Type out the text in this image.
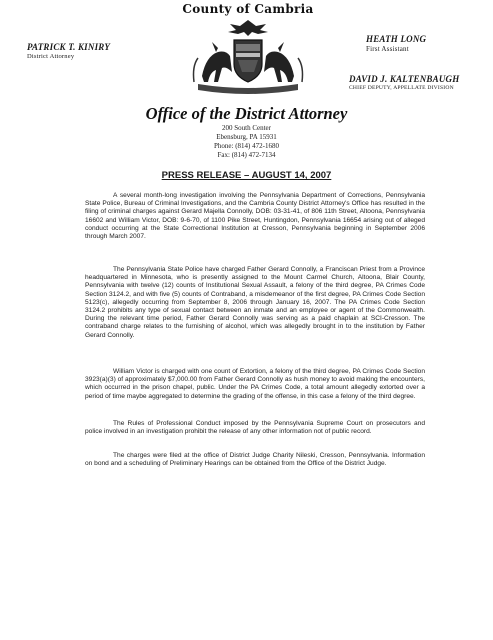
County of Cambria
PATRICK T. KINIRY
District Attorney
HEATH LONG
First Assistant
DAVID J. KALTENBAUGH
CHIEF DEPUTY, APPELLATE DIVISION
Office of the District Attorney
200 South Center
Ebensburg, PA 15931
Phone: (814) 472-1680
Fax: (814) 472-7134
PRESS RELEASE – AUGUST 14, 2007
A several month-long investigation involving the Pennsylvania Department of Corrections, Pennsylvania State Police, Bureau of Criminal Investigations, and the Cambria County District Attorney's Office has resulted in the filing of criminal charges against Gerard Majella Connolly, DOB: 03-31-41, of 806 11th Street, Altoona, Pennsylvania 16602 and William Victor, DOB: 9-6-70, of 1100 Pike Street, Huntingdon, Pennsylvania 16654 arising out of alleged conduct occurring at the State Correctional Institution at Cresson, Pennsylvania beginning in September 2006 through March 2007.
The Pennsylvania State Police have charged Father Gerard Connolly, a Franciscan Priest from a Province headquartered in Minnesota, who is presently assigned to the Mount Carmel Church, Altoona, Blair County, Pennsylvania with twelve (12) counts of Institutional Sexual Assault, a felony of the third degree, PA Crimes Code Section 3124.2, and with five (5) counts of Contraband, a misdemeanor of the first degree, PA Crimes Code Section 5123(c), allegedly occurring from September 8, 2006 through January 16, 2007. The PA Crimes Code Section 3124.2 prohibits any type of sexual contact between an inmate and an employee or agent of the Commonwealth. During the relevant time period, Father Gerard Connolly was serving as a paid chaplain at SCI-Cresson. The contraband charge relates to the furnishing of alcohol, which was allegedly brought in to the institution by Father Gerard Connolly.
William Victor is charged with one count of Extortion, a felony of the third degree, PA Crimes Code Section 3923(a)(3) of approximately $7,000.00 from Father Gerard Connolly as hush money to avoid making the encounters, which occurred in the prison chapel, public. Under the PA Crimes Code, a total amount allegedly extorted over a period of time maybe aggregated to determine the grading of the offense, in this case a felony of the third degree.
The Rules of Professional Conduct imposed by the Pennsylvania Supreme Court on prosecutors and police involved in an investigation prohibit the release of any other information not of public record.
The charges were filed at the office of District Judge Charity Nileski, Cresson, Pennsylvania. Information on bond and a scheduling of Preliminary Hearings can be obtained from the Office of the District Judge.
